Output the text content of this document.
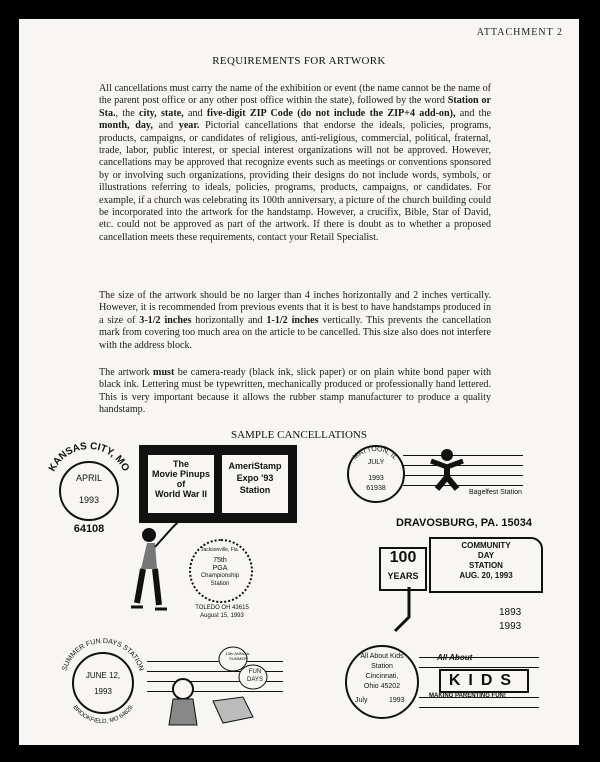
ATTACHMENT 2
REQUIREMENTS FOR ARTWORK

All cancellations must carry the name of the exhibition or event (the name cannot be the name of the parent post office or any other post office within the state), followed by the word Station or Sta., the city, state, and five-digit ZIP Code (do not include the ZIP+4 add-on), and the month, day, and year. Pictorial cancellations that endorse the ideals, policies, programs, products, campaigns, or candidates of religious, anti-religious, commercial, political, fraternal, trade, labor, public interest, or special interest organizations will not be approved. However, cancellations may be approved that recognize events such as meetings or conventions sponsored by or involving such organizations, providing their designs do not include words, symbols, or illustrations referring to ideals, policies, programs, products, campaigns, or candidates. For example, if a church was celebrating its 100th anniversary, a picture of the church building could be incorporated into the artwork for the handstamp. However, a crucifix, Bible, Star of David, etc. could not be approved as part of the artwork. If there is doubt as to whether a proposed cancellation meets these requirements, contact your Retail Specialist.

The size of the artwork should be no larger than 4 inches horizontally and 2 inches vertically. However, it is recommended from previous events that it is best to have handstamps produced in a size of 3-1/2 inches horizontally and 1-1/2 inches vertically. This prevents the cancellation mark from covering too much area on the article to be cancelled. This size also does not interfere with the address block.

The artwork must be camera-ready (black ink, slick paper) or on plain white bond paper with black ink. Lettering must be typewritten, mechanically produced or professionally hand lettered. This is very important because it allows the rubber stamp manufacturer to produce a quality handstamp.

SAMPLE CANCELLATIONS
KANSAS CITY, MO
APRIL
1993
64108
The
Movie Pinups
of
World War II
AmeriStamp
Expo '93
Station
MATTOON, IL
JULY
1993
61938
Bagelfest Station
Jacksonville, Fla.
75th
PGA
Championship
Station
TOLEDO OH 43615
August 15, 1993
DRAVOSBURG, PA. 15034
100
YEARS
COMMUNITY
DAY
STATION
AUG. 20, 1993
1893
1993
SUMMER FUN DAYS STATION
BROOKFIELD, MO 64628
JUNE 12,
1993
13th ANNUAL SUMMER
FUN
DAYS
All About Kids
Station
Cincinnati,
Ohio 45202
July	1993
All About
KIDS
MAKING PARENTING FUN!
